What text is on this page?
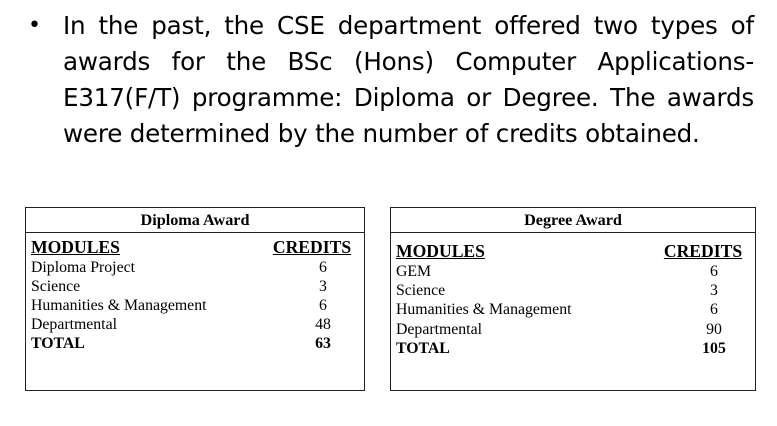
• In the past, the CSE department offered two types of awards for the BSc (Hons) Computer Applications-E317(F/T) programme: Diploma or Degree. The awards were determined by the number of credits obtained.
Diploma Award
MODULES	CREDITS
Diploma Project	6
Science	3
Humanities & Management	6
Departmental	48
TOTAL	63
Degree Award
MODULES	CREDITS
GEM	6
Science	3
Humanities & Management	6
Departmental	90
TOTAL	105
